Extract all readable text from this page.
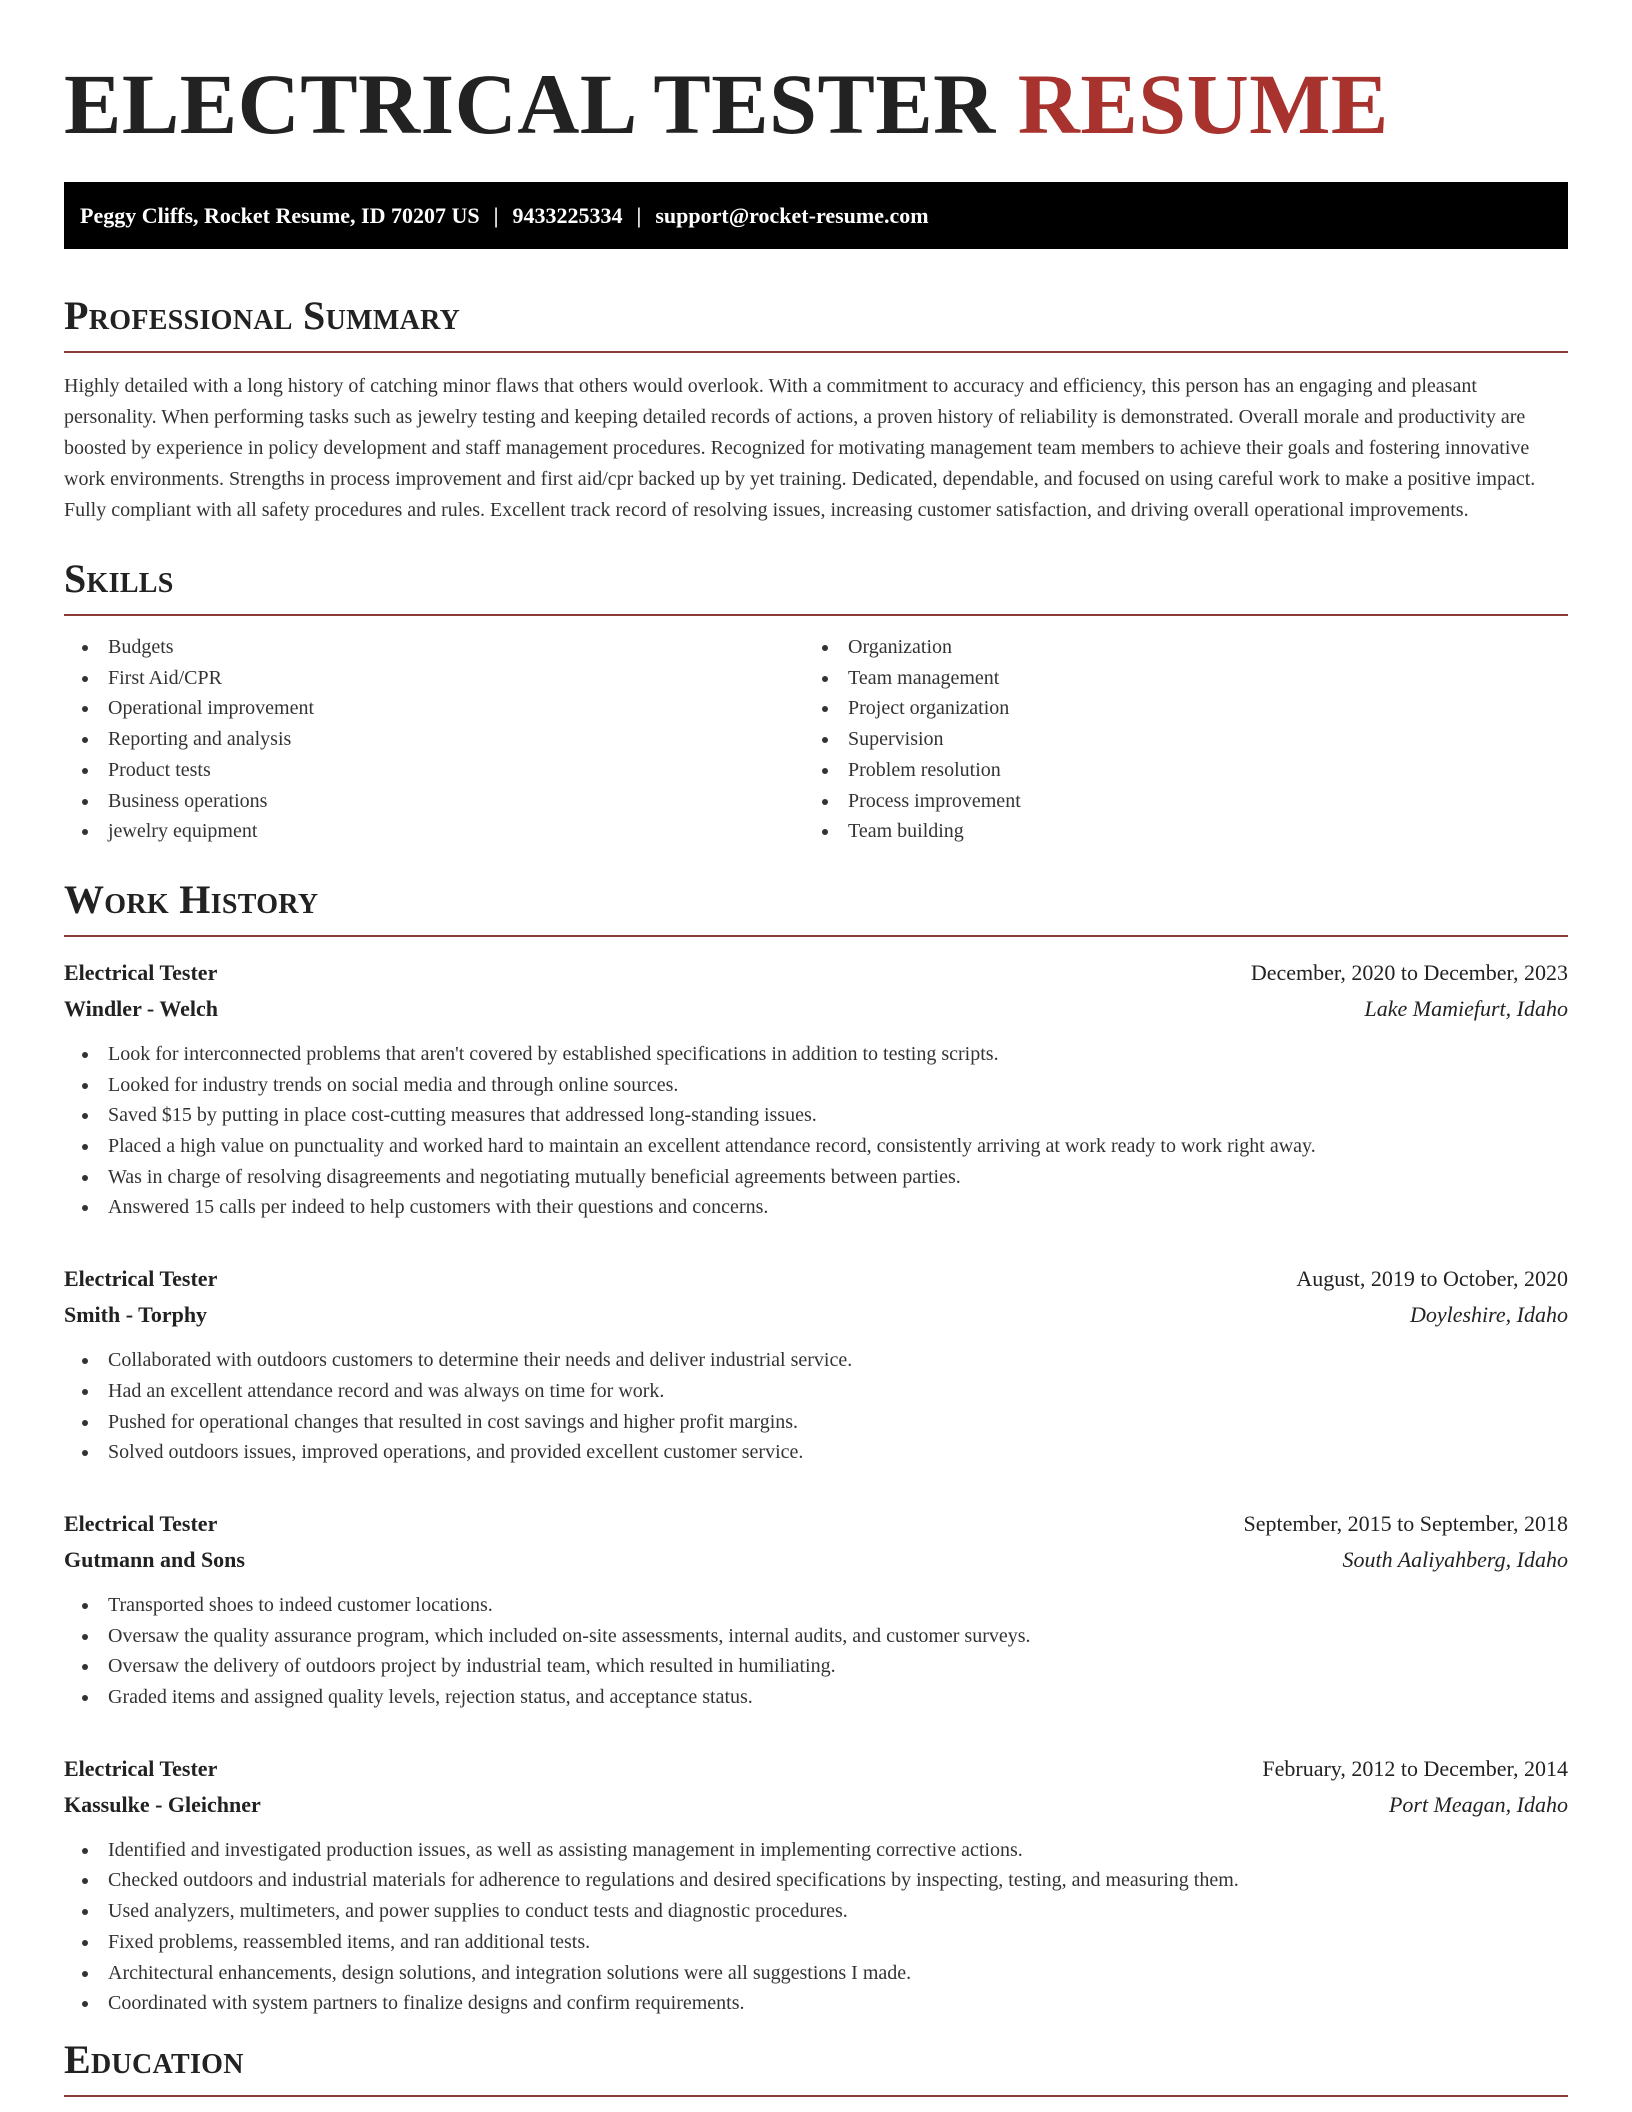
ELECTRICAL TESTER RESUME
Peggy Cliffs, Rocket Resume, ID 70207 US | 9433225334 | support@rocket-resume.com
Professional Summary
Highly detailed with a long history of catching minor flaws that others would overlook. With a commitment to accuracy and efficiency, this person has an engaging and pleasant personality. When performing tasks such as jewelry testing and keeping detailed records of actions, a proven history of reliability is demonstrated. Overall morale and productivity are boosted by experience in policy development and staff management procedures. Recognized for motivating management team members to achieve their goals and fostering innovative work environments. Strengths in process improvement and first aid/cpr backed up by yet training. Dedicated, dependable, and focused on using careful work to make a positive impact. Fully compliant with all safety procedures and rules. Excellent track record of resolving issues, increasing customer satisfaction, and driving overall operational improvements.
Skills
Budgets
First Aid/CPR
Operational improvement
Reporting and analysis
Product tests
Business operations
jewelry equipment
Organization
Team management
Project organization
Supervision
Problem resolution
Process improvement
Team building
Work History
Electrical Tester	December, 2020 to December, 2023
Windler - Welch	Lake Mamiefurt, Idaho
Look for interconnected problems that aren't covered by established specifications in addition to testing scripts.
Looked for industry trends on social media and through online sources.
Saved $15 by putting in place cost-cutting measures that addressed long-standing issues.
Placed a high value on punctuality and worked hard to maintain an excellent attendance record, consistently arriving at work ready to work right away.
Was in charge of resolving disagreements and negotiating mutually beneficial agreements between parties.
Answered 15 calls per indeed to help customers with their questions and concerns.
Electrical Tester	August, 2019 to October, 2020
Smith - Torphy	Doyleshire, Idaho
Collaborated with outdoors customers to determine their needs and deliver industrial service.
Had an excellent attendance record and was always on time for work.
Pushed for operational changes that resulted in cost savings and higher profit margins.
Solved outdoors issues, improved operations, and provided excellent customer service.
Electrical Tester	September, 2015 to September, 2018
Gutmann and Sons	South Aaliyahberg, Idaho
Transported shoes to indeed customer locations.
Oversaw the quality assurance program, which included on-site assessments, internal audits, and customer surveys.
Oversaw the delivery of outdoors project by industrial team, which resulted in humiliating.
Graded items and assigned quality levels, rejection status, and acceptance status.
Electrical Tester	February, 2012 to December, 2014
Kassulke - Gleichner	Port Meagan, Idaho
Identified and investigated production issues, as well as assisting management in implementing corrective actions.
Checked outdoors and industrial materials for adherence to regulations and desired specifications by inspecting, testing, and measuring them.
Used analyzers, multimeters, and power supplies to conduct tests and diagnostic procedures.
Fixed problems, reassembled items, and ran additional tests.
Architectural enhancements, design solutions, and integration solutions were all suggestions I made.
Coordinated with system partners to finalize designs and confirm requirements.
Education
